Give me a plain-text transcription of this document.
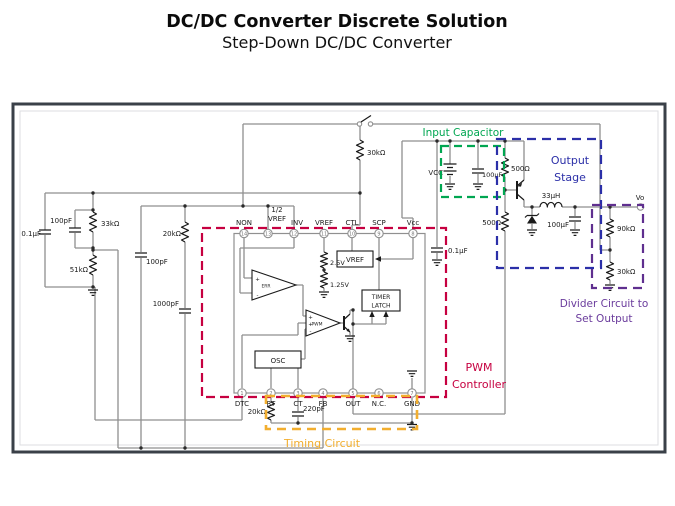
DC/DC Converter Discrete Solution
Step-Down DC/DC Converter
VREF
TIMER
LATCH
OSC
ERR
+
-
PWM
+
+
-
2.5V
1.25V
14
NON
13
1/2
VREF
12
INV
11
VREF
10
CTL
9
SCP
8
Vcc
1
DTC
2
RT
3
CT
4
FB
5
OUT
6
N.C.
7
GND
Vo
0.1µF
100pF	33kΩ
51kΩ
20kΩ
100pF
1000pF
30kΩ
VCC	100µF
500Ω
500Ω
0.1µF
33µH
100µF	90kΩ
30kΩ
20kΩ	220pF
Input Capacitor
Output
Stage
Divider Circuit to
Set Output
PWM
Controller
Timing Circuit
